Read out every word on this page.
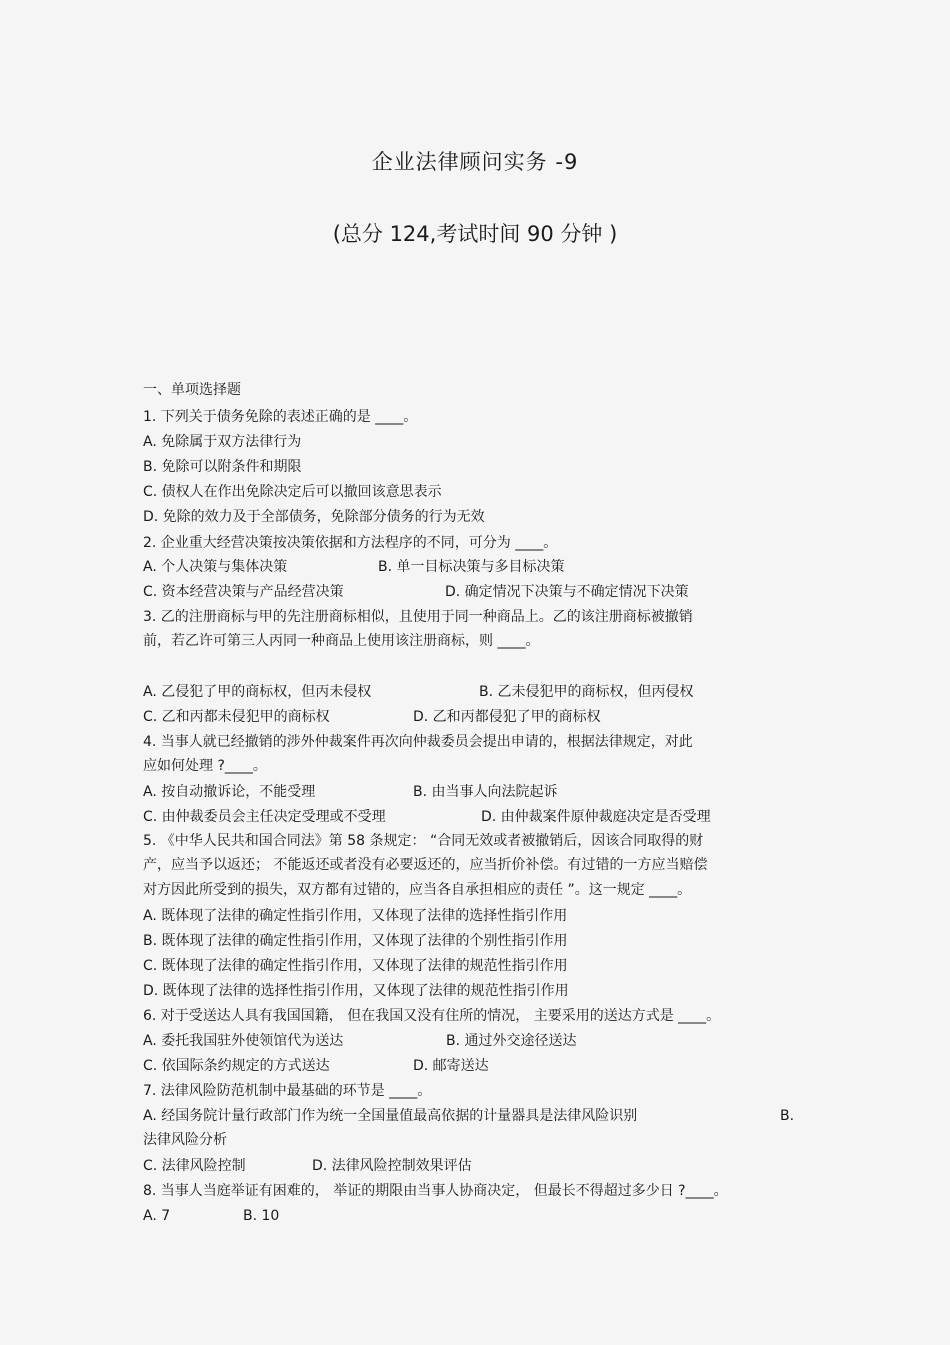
企业法律顾问实务 -9
(总分 124,考试时间 90 分钟 )
一、单项选择题
1. 下列关于债务免除的表述正确的是 ____。
A. 免除属于双方法律行为
B. 免除可以附条件和期限
C. 债权人在作出免除决定后可以撤回该意思表示
D. 免除的效力及于全部债务，免除部分债务的行为无效
2. 企业重大经营决策按决策依据和方法程序的不同，可分为 ____。
A. 个人决策与集体决策	B. 单一目标决策与多目标决策
C. 资本经营决策与产品经营决策	D. 确定情况下决策与不确定情况下决策
3. 乙的注册商标与甲的先注册商标相似，且使用于同一种商品上。乙的该注册商标被撤销
前，若乙许可第三人丙同一种商品上使用该注册商标，则 ____。
A. 乙侵犯了甲的商标权，但丙未侵权	B. 乙未侵犯甲的商标权，但丙侵权
C. 乙和丙都未侵犯甲的商标权	D. 乙和丙都侵犯了甲的商标权
4. 当事人就已经撤销的涉外仲裁案件再次向仲裁委员会提出申请的，根据法律规定，对此
应如何处理 ?____。
A. 按自动撤诉论，不能受理	B. 由当事人向法院起诉
C. 由仲裁委员会主任决定受理或不受理	D. 由仲裁案件原仲裁庭决定是否受理
5. 《中华人民共和国合同法》第 58 条规定： “合同无效或者被撤销后，因该合同取得的财
产，应当予以返还； 不能返还或者没有必要返还的，应当折价补偿。有过错的一方应当赔偿
对方因此所受到的损失，双方都有过错的，应当各自承担相应的责任 ”。这一规定 ____。
A. 既体现了法律的确定性指引作用，又体现了法律的选择性指引作用
B. 既体现了法律的确定性指引作用，又体现了法律的个别性指引作用
C. 既体现了法律的确定性指引作用，又体现了法律的规范性指引作用
D. 既体现了法律的选择性指引作用，又体现了法律的规范性指引作用
6. 对于受送达人具有我国国籍， 但在我国又没有住所的情况， 主要采用的送达方式是 ____。
A. 委托我国驻外使领馆代为送达	B. 通过外交途径送达
C. 依国际条约规定的方式送达	D. 邮寄送达
7. 法律风险防范机制中最基础的环节是 ____。
A. 经国务院计量行政部门作为统一全国量值最高依据的计量器具是法律风险识别	B.
法律风险分析
C. 法律风险控制	D. 法律风险控制效果评估
8. 当事人当庭举证有困难的， 举证的期限由当事人协商决定， 但最长不得超过多少日 ?____。
A. 7	B. 10
